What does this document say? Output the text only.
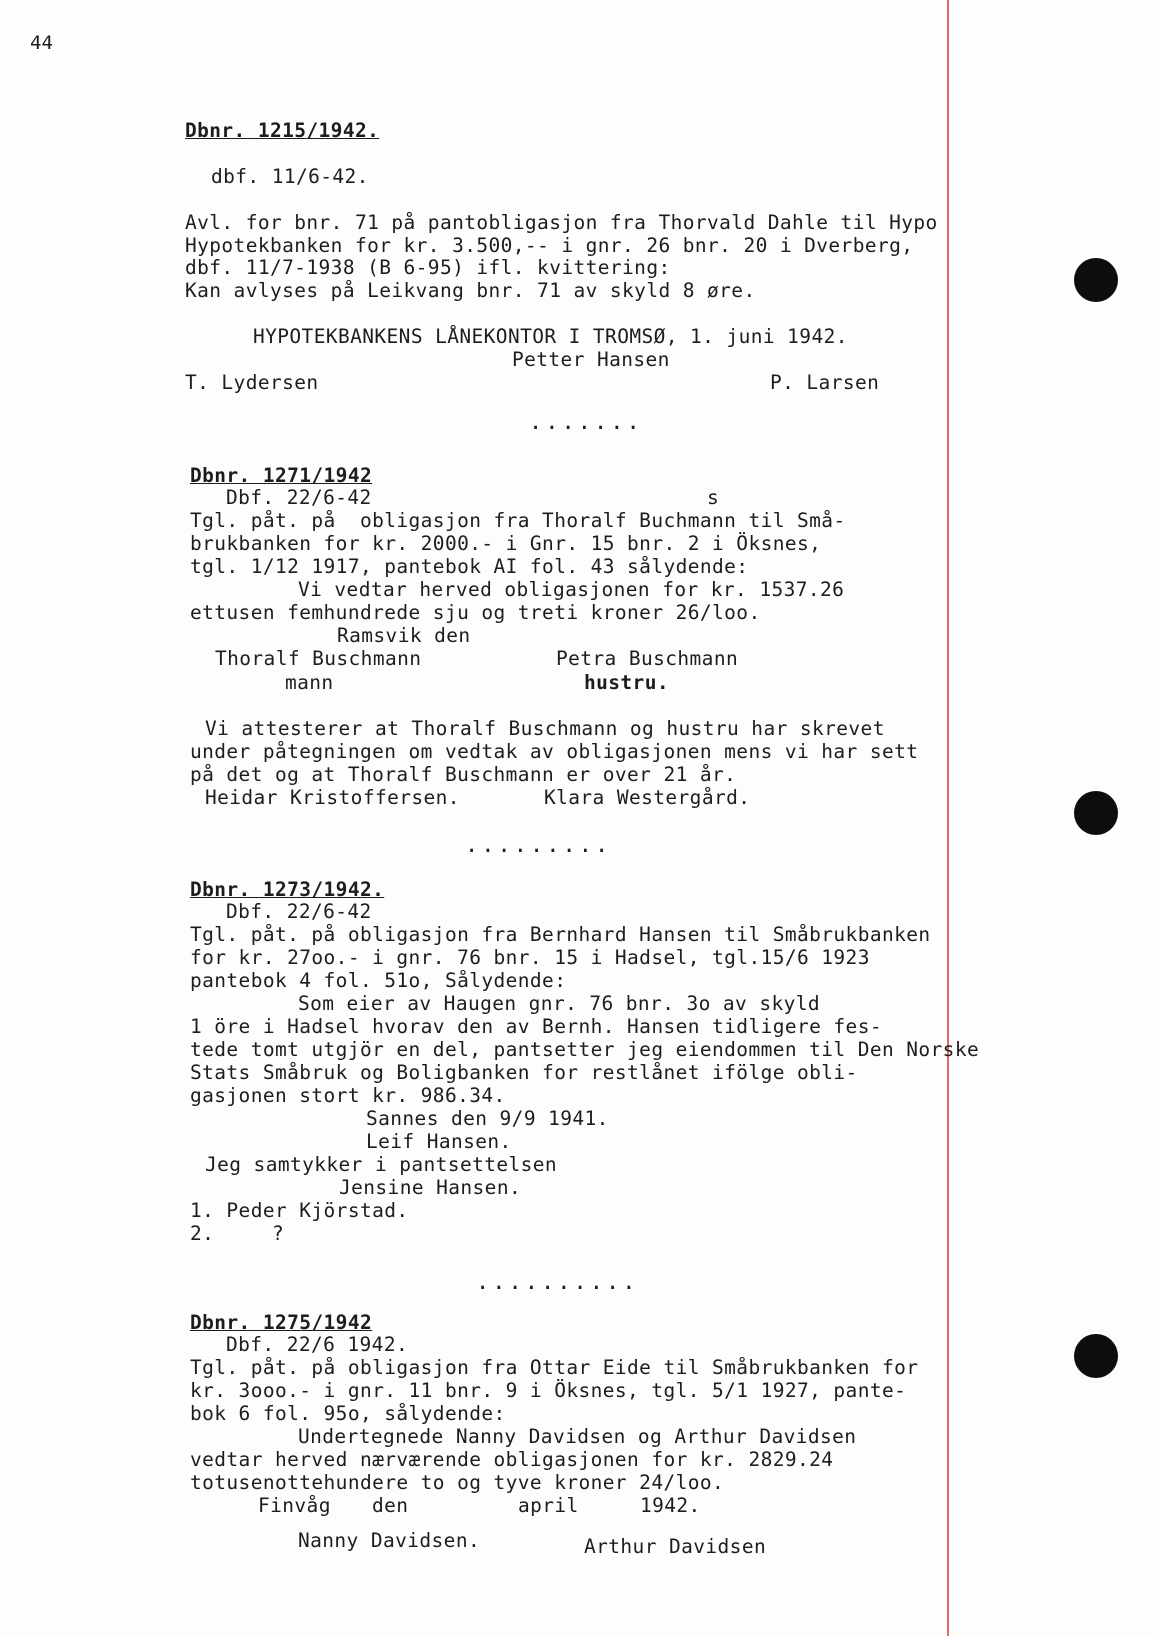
44
Dbnr. 1215/1942.
dbf. 11/6-42.
Avl. for bnr. 71 på pantobligasjon fra Thorvald Dahle til Hypo
Hypotekbanken for kr. 3.500,-- i gnr. 26 bnr. 20 i Dverberg,
dbf. 11/7-1938 (B 6-95) ifl. kvittering:
Kan avlyses på Leikvang bnr. 71 av skyld 8 øre.
HYPOTEKBANKENS LÅNEKONTOR I TROMSØ, 1. juni 1942.
Petter Hansen
T. Lydersen	P. Larsen
.......
Dbnr. 1271/1942
Dbf. 22/6-42	s
Tgl. påt. på  obligasjon fra Thoralf Buchmann til Små-
brukbanken for kr. 2000.- i Gnr. 15 bnr. 2 i Öksnes,
tgl. 1/12 1917, pantebok AI fol. 43 sålydende:
Vi vedtar herved obligasjonen for kr. 1537.26
ettusen femhundrede sju og treti kroner 26/loo.
Ramsvik den
Thoralf Buschmann	Petra Buschmann
mann	hustru.
Vi attesterer at Thoralf Buschmann og hustru har skrevet
under påtegningen om vedtak av obligasjonen mens vi har sett
på det og at Thoralf Buschmann er over 21 år.
Heidar Kristoffersen.	Klara Westergård.
.........
Dbnr. 1273/1942.
Dbf. 22/6-42
Tgl. påt. på obligasjon fra Bernhard Hansen til Småbrukbanken
for kr. 27oo.- i gnr. 76 bnr. 15 i Hadsel, tgl.15/6 1923
pantebok 4 fol. 51o, Sålydende:
Som eier av Haugen gnr. 76 bnr. 3o av skyld
1 öre i Hadsel hvorav den av Bernh. Hansen tidligere fes-
tede tomt utgjör en del, pantsetter jeg eiendommen til Den Norske
Stats Småbruk og Boligbanken for restlånet ifölge obli-
gasjonen stort kr. 986.34.
Sannes den 9/9 1941.
Leif Hansen.
Jeg samtykker i pantsettelsen
Jensine Hansen.
1. Peder Kjörstad.
2.	?
..........
Dbnr. 1275/1942
Dbf. 22/6 1942.
Tgl. påt. på obligasjon fra Ottar Eide til Småbrukbanken for
kr. 3ooo.- i gnr. 11 bnr. 9 i Öksnes, tgl. 5/1 1927, pante-
bok 6 fol. 95o, sålydende:
Undertegnede Nanny Davidsen og Arthur Davidsen
vedtar herved nærværende obligasjonen for kr. 2829.24
totusenottehundere to og tyve kroner 24/loo.
Finvåg den	april	1942.
Nanny Davidsen.	Arthur Davidsen
